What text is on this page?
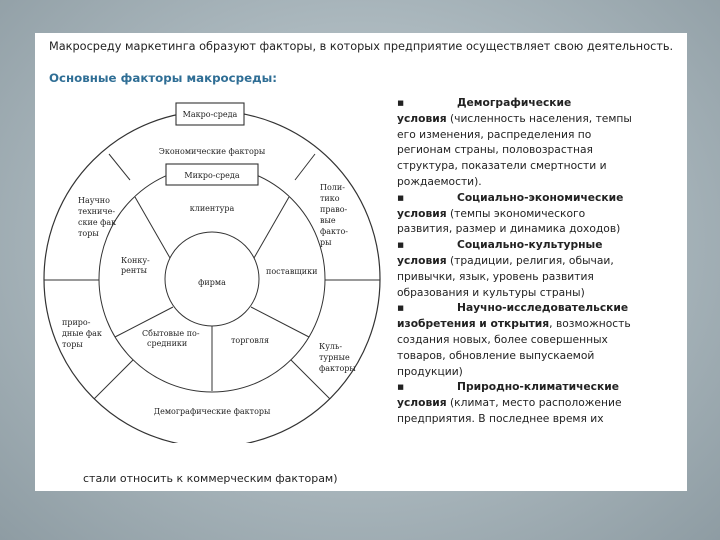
Макросреду маркетинга образуют факторы, в которых предприятие осуществляет свою деятельность.
Основные факторы макросреды:
Макро-среда
Микро-среда
Экономические факторы
клиентура
фирма
Конку- ренты	поставщики
Сбытовые по- средники	торговля
Поли- тико право- вые факто- ры
Научно техниче- ские фак торы
приро- дные фак торы	Куль- турные факторы
Демографические факторы
▪	Демографические
условия (численность населения, темпы
его изменения, распределения по
регионам страны, половозрастная
структура, показатели смертности и
рождаемости).
▪	Социально-экономические
условия (темпы экономического
развития, размер и динамика доходов)
▪	Социально-культурные
условия (традиции, религия, обычаи,
привычки, язык, уровень развития
образования и культуры страны)
▪	Научно-исследовательские
изобретения и открытия, возможность
создания новых, более совершенных
товаров, обновление выпускаемой
продукции)
▪	Природно-климатические
условия (климат, место расположение
предприятия. В последнее время их
стали относить к коммерческим факторам)
